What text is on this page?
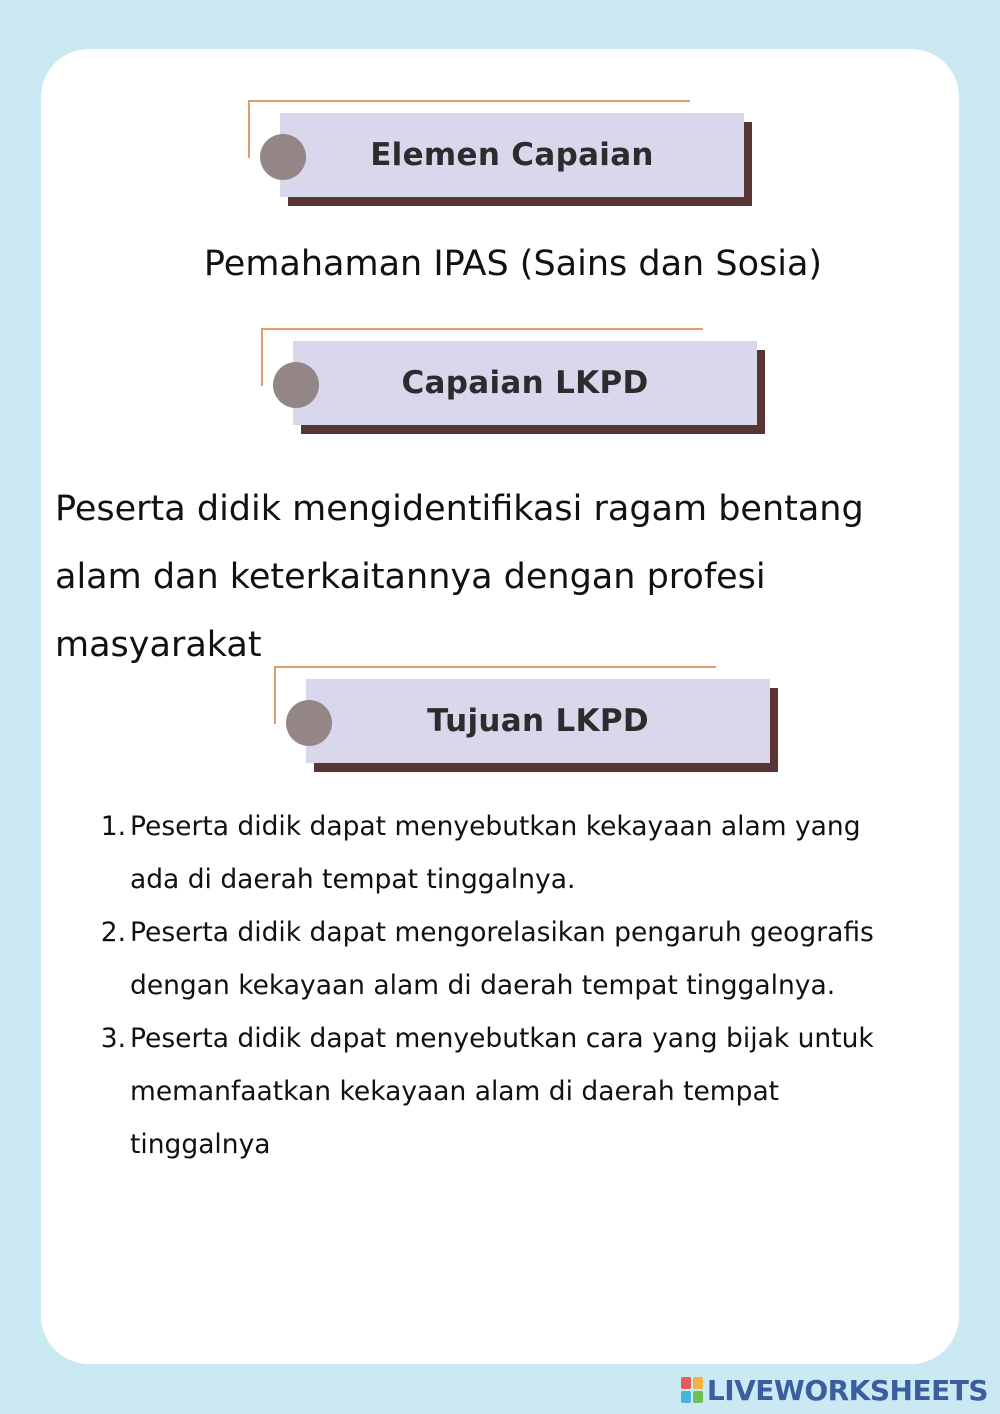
Elemen Capaian
Pemahaman IPAS (Sains dan Sosia)
Capaian LKPD

Peserta didik mengidentifikasi ragam bentang alam dan keterkaitannya dengan profesi masyarakat

Tujuan LKPD
1. Peserta didik dapat menyebutkan kekayaan alam yang ada di daerah tempat tinggalnya.
2. Peserta didik dapat mengorelasikan pengaruh geografis dengan kekayaan alam di daerah tempat tinggalnya.
3. Peserta didik dapat menyebutkan cara yang bijak untuk memanfaatkan kekayaan alam di daerah tempat tinggalnya
LIVEWORKSHEETS
